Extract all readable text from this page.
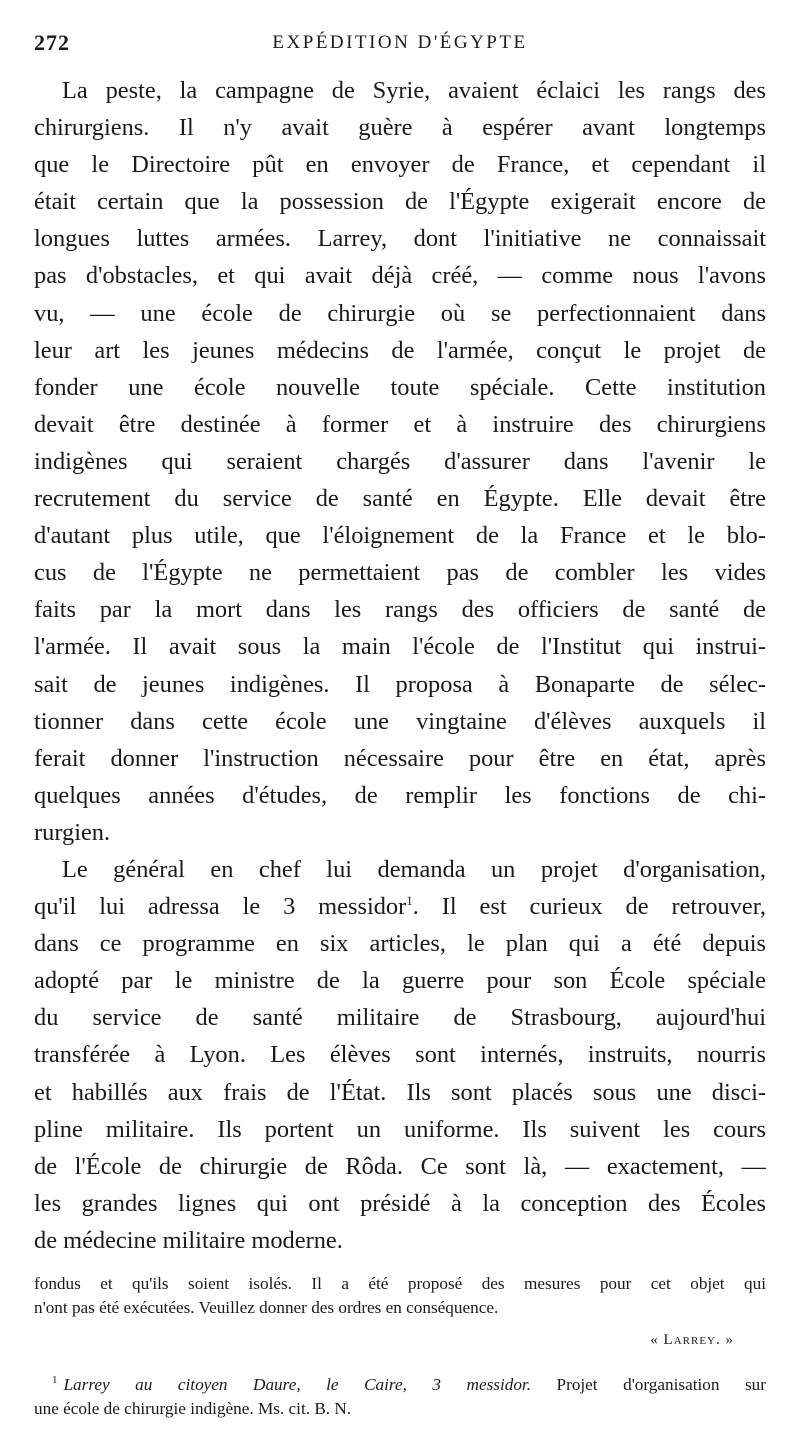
272	EXPÉDITION D'ÉGYPTE
La peste, la campagne de Syrie, avaient éclaici les rangs des
chirurgiens. Il n'y avait guère à espérer avant longtemps
que le Directoire pût en envoyer de France, et cependant il
était certain que la possession de l'Égypte exigerait encore de
longues luttes armées. Larrey, dont l'initiative ne connaissait
pas d'obstacles, et qui avait déjà créé, — comme nous l'avons
vu, — une école de chirurgie où se perfectionnaient dans
leur art les jeunes médecins de l'armée, conçut le projet de
fonder une école nouvelle toute spéciale. Cette institution
devait être destinée à former et à instruire des chirurgiens
indigènes qui seraient chargés d'assurer dans l'avenir le
recrutement du service de santé en Égypte. Elle devait être
d'autant plus utile, que l'éloignement de la France et le blo-
cus de l'Égypte ne permettaient pas de combler les vides
faits par la mort dans les rangs des officiers de santé de
l'armée. Il avait sous la main l'école de l'Institut qui instrui-
sait de jeunes indigènes. Il proposa à Bonaparte de sélec-
tionner dans cette école une vingtaine d'élèves auxquels il
ferait donner l'instruction nécessaire pour être en état, après
quelques années d'études, de remplir les fonctions de chi-
rurgien.
Le général en chef lui demanda un projet d'organisation,
qu'il lui adressa le 3 messidor$^1$. Il est curieux de retrouver,
dans ce programme en six articles, le plan qui a été depuis
adopté par le ministre de la guerre pour son École spéciale
du service de santé militaire de Strasbourg, aujourd'hui
transférée à Lyon. Les élèves sont internés, instruits, nourris
et habillés aux frais de l'État. Ils sont placés sous une disci-
pline militaire. Ils portent un uniforme. Ils suivent les cours
de l'École de chirurgie de Rôda. Ce sont là, — exactement, —
les grandes lignes qui ont présidé à la conception des Écoles
de médecine militaire moderne.
fondus et qu'ils soient isolés. Il a été proposé des mesures pour cet objet qui
n'ont pas été exécutées. Veuillez donner des ordres en conséquence.
« Larrey. »
$^1$ Larrey au citoyen Daure, le Caire, 3 messidor. Projet d'organisation sur
une école de chirurgie indigène. Ms. cit. B. N.
